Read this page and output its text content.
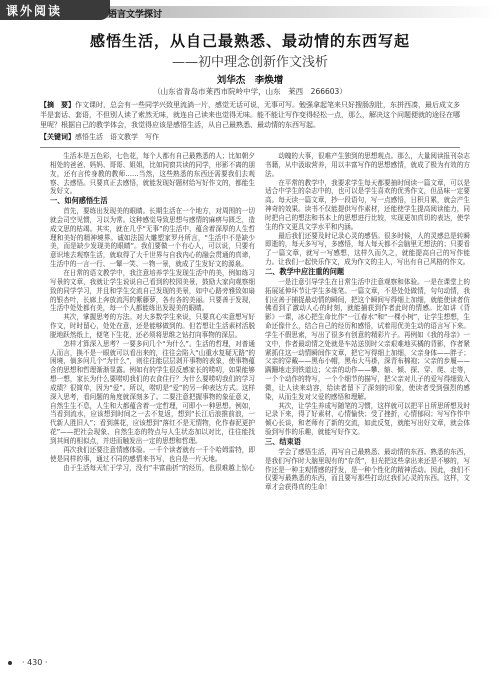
课外阅读	语言文学探讨
感悟生活，从自己最熟悉、最动情的东西写起
——初中理念创新作文浅析
刘华杰　李焕增
（山东省青岛市莱西市院岭中学，山东　莱西　266603）
【摘　要】作文课时，总会有一些同学兴致里流淌一片，感觉无话可说，无事可写。勉强拿起笔来只好搜肠刮肚，东拼西凑，最后成文多半是套话、套语，不但别人读了索然无味，就连自己读来也觉得无味。能不能让写作变得轻松一点，那么，解决这个问题便就的途径在哪里呢？根据自己的教学体会，我觉得应该是感悟生活，从自己最熟悉、最动情的东西写起。
【关键词】感悟生活　语文教学　写作

生活本是五色彩，七色花，每个人都有自己最熟悉的人；比如朝夕相处的爸爸、妈妈、哥哥、姐姐，比如同窗共读的同学，形影不离的朋友，还有言传身教的教师……当然，这些熟悉的东西还需要我们去观察、去感悟。只要真正去感悟，就能发现好题材给写好作文的，都能生发好文。

一、如何感悟生活

首先，要练出发现美的眼睛。长期生活在一个地方，对周围的一切就会司空见惯，习以为常。这种感觉导致思想与感情的麻痹与匮乏，造成文思的枯竭。其实，就在几乎“无事”的生活中，蕴含着深厚的人生哲理和美好的精神境界。诚如法国大雕塑家罗丹所言，“生活中不是缺少美，而是缺少发现美的眼睛”。我们要做一个有心人，可以说，只要有意识地去观察生活，就取得了大千世界与自我内心的融会贯通的真谛，生活中的一言一行、一颦一笑、一物一景，就成了生发好文的源泉。

在日常的语文教学中，我注意培养学生发现生活中的美，例如练习写景的文章，我就让学生说说自己看到的校园美景，鼓励大家向观察细致的同学学习，并且和学生交流自己发现的美景，如中心路旁雅致如扇的银杏叶，长廊上奔放流泻的紫藤萝，各有各的美丽。只要善于发现，生活中处处都有美，每一个人都能练出发现美的眼睛。

其次，掌握思考的方法。对大多数学生来说，只要真心实意想写好作文，时时留心，处处在意，还是能够做到的。但若想让生活素材活脱脱地跃然纸上，便笔下生花，还必须将思维之钻打向事物的深层。

怎样才算深入思考？一要多问几个“为什么”。生活的哲理，对普通人而言，换不是一眼就可以看出来的，往往会陷入“山重水复疑无路”的困境，倘多问几个“为什么”，则往往能层层剥开事物的表象，使事物蕴含的思想和哲理渐渐显露。例如有的学生很反感家长的唠叨，如果能够想一想，家长为什么要唠叨我们的衣食住行？为什么要唠叨我们的学习成绩？很简单，因为“爱”。所以，唠叨是“爱”的另一种表达方式。这样深入思考，看问题的角度就深刻多了。二要注意把握事物的象征意义，自然生生不息，人生和大都蕴含着一定哲理，可即小一种思想。例如，当看到流水，应该想到时间之一去不复返，想到“长江后浪推前浪，一代新人胜旧人”；看到落花，应该想到“落红不是无情物，化作春泥更护花”——把社会现象、自然生态的特点与人生状态加以对比，往往能找到其间的相似点，并进而触发出一定的思想和哲理。

再次我们还要注意情感体验。一千个读者就有一千个哈姆雷特，即使是同样的事，通过不同的感情来书写，也自是一片天地。

由于生活每天忙于学习，没有“丰富曲折”的经历，也很难越上惊心

动魄的大事，很难产生独到的思想观点。那么，大量阅读报刊杂志书籍，从中汲取营养，用以丰富写作的思想感情，就成了极为有效的方法。

在平常的教学中，我要求学生每天都要抽时间读一篇文章，可以是适合中学生的杂志中的，也可以是学生喜欢的优秀作文，但品味一定要高。每天读一篇文章，抄一段语句，写一点感悟，日积月累，就会产生神奇的效果。读书不仅能提供写作素材，还能使学生提高阅读能力，同时把自己的想法和书本上的思想进行比较，实现更加真切的表达，使学生的作文更具文学水平和内涵。

最后我们还要及时记录心灵的感悟。很多时候，人的灵感总是转瞬即逝的，每天多写写，多感悟，每人每天都不会脑里无想法的；只要看了一篇文章，就写一写感想，这样久而久之，就能提高自己的写作能力。让我们一起快乐作文，成为作文的主人，写出有自己风格的作文。

二、教学中应注重的问题

一是注意引导学生在日常生活中注意观察和体验。一是在课堂上的拓展延伸环节让学生多练笔。一篇文章，不是处处做情，句句动情，我们应善于捕捉最动情的瞬间，把这个瞬间写得细上加细，就能使读者仿佛看到了激动人心的时刻，就能捕获到作者此时的情感。比如讲《背影》一课，冰心把生命比作“一江春水”和“一棵小树”，让学生想想，生命还像什么，结合自己的经历和感悟，试着用优美生动的语言写下来。学生不假思索，写出了很多有创意的精彩片子。再例如《我的母亲》一文中，作者最动情之处就是车站送别时父亲艰难地买橘的背影，作者紧紧抓住这一动情瞬间作文章，把它写得细上加细，父亲身体——胖子；父亲的穿戴——黑布小帽，黑布大马褂，深青布棉袍；父亲的步履——蹒跚地走到铁道边；父亲的动作——攀、缩、倾、探、穿、爬、走等，一个个动作的特写，一个个细节的描写，把父亲对儿子的爱写得细致入微，让人读来动容，给读者留下了深刻的印象，使读者受到强烈的感染，从而生发对父爱的感悟和理解。

其次，让学生养成写随笔的习惯，这样就可以把平日所思所想及时记录下来，得了好素材，心情愉快；受了挫折，心情郁闷；写写作作中倾心长谈，和老师有了新的交流，如此反复，就能写出好文章，就会体验到写作的乐趣，就能写好作文。

三、结束语

学会了感悟生活，再写自己最熟悉、最动情的东西。熟悉的东西，是我们写作时大脑里现有的“存货”，但光把这些拿出来还是不够的，写作还是一种主观情感的抒发，是一种个性化的精神活动。因此，我们不仅要写最熟悉的东西，而且要写那些打动过我们心灵的东西。这样，文章才会获得真的生命！

· 430 ·
